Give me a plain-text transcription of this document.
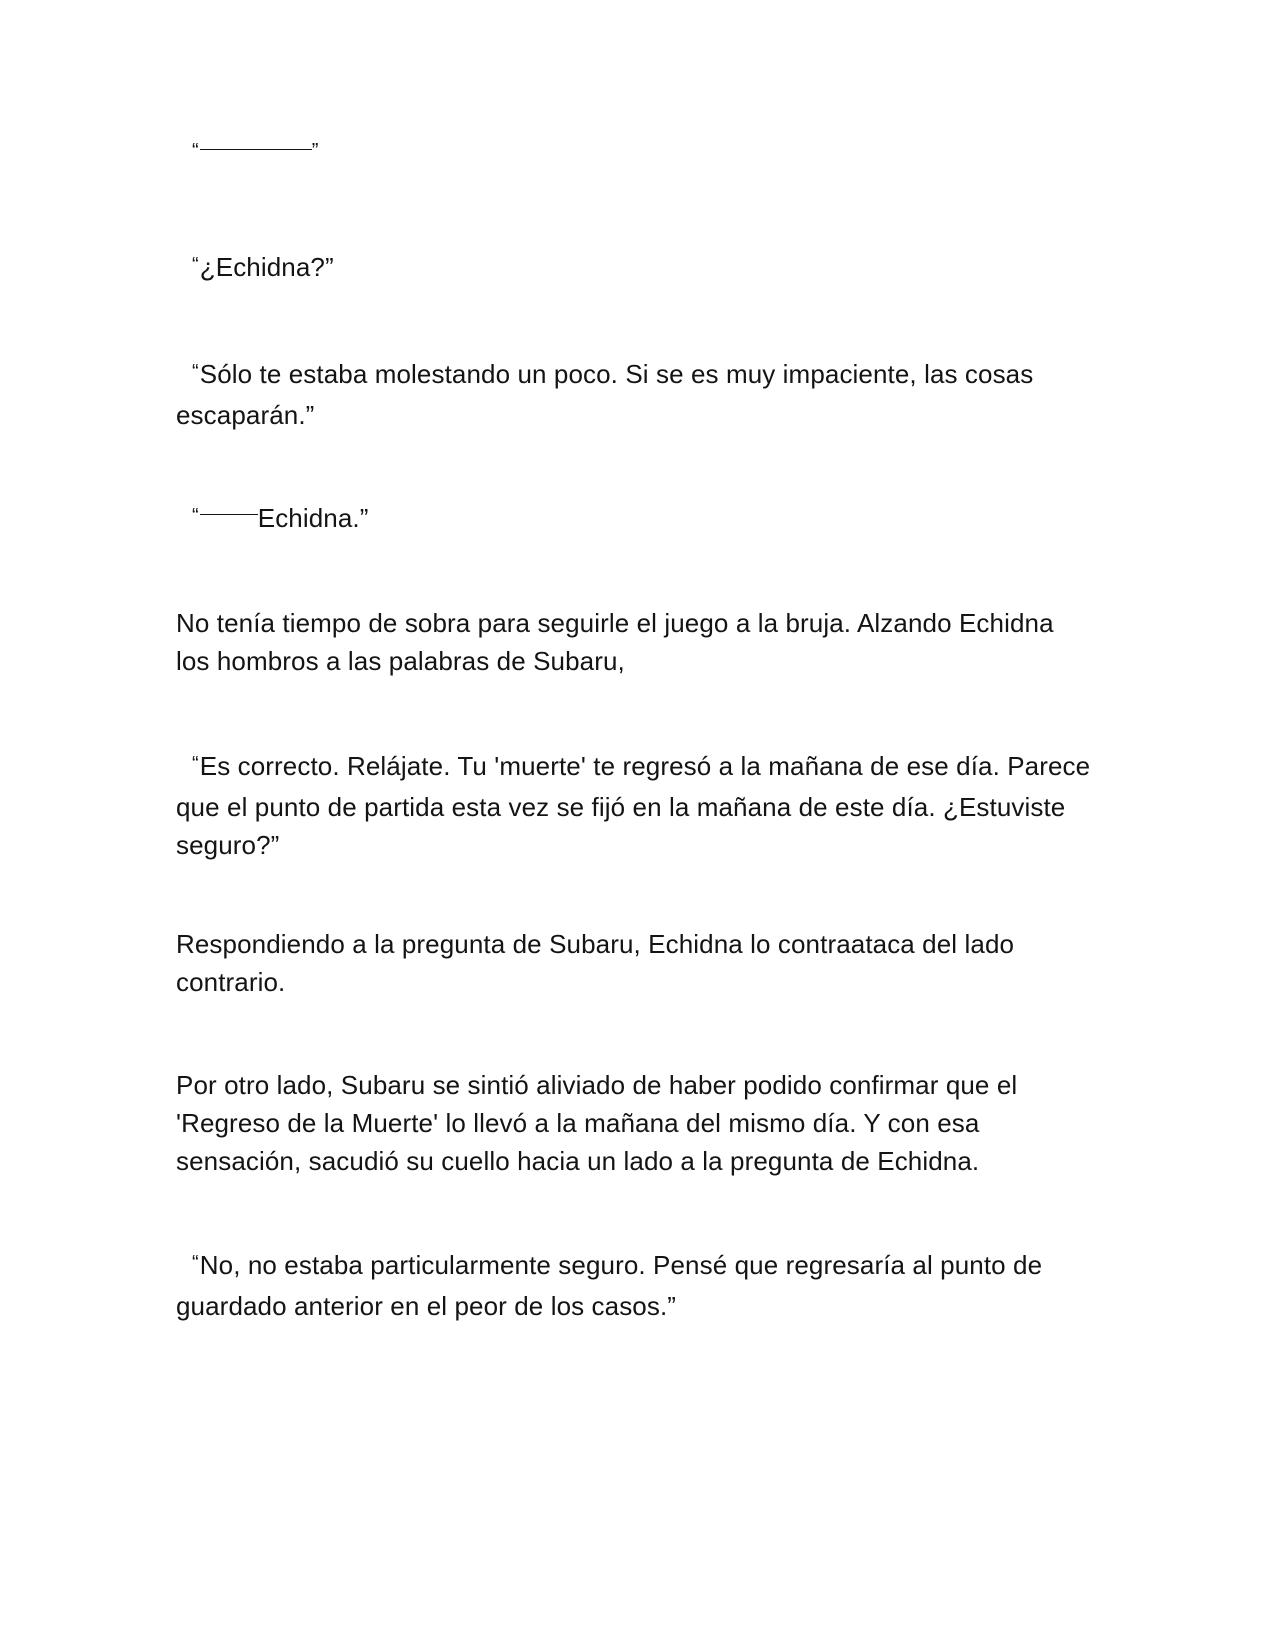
“	”
“¿Echidna?”
“Sólo te estaba molestando un poco. Si se es muy impaciente, las cosas
escaparán.”
“ Echidna.”
No tenía tiempo de sobra para seguirle el juego a la bruja. Alzando Echidna
los hombros a las palabras de Subaru,
“Es correcto. Relájate. Tu 'muerte' te regresó a la mañana de ese día. Parece
que el punto de partida esta vez se fijó en la mañana de este día. ¿Estuviste
seguro?”
Respondiendo a la pregunta de Subaru, Echidna lo contraataca del lado
contrario.
Por otro lado, Subaru se sintió aliviado de haber podido confirmar que el
'Regreso de la Muerte' lo llevó a la mañana del mismo día. Y con esa
sensación, sacudió su cuello hacia un lado a la pregunta de Echidna.
“No, no estaba particularmente seguro. Pensé que regresaría al punto de
guardado anterior en el peor de los casos.”
